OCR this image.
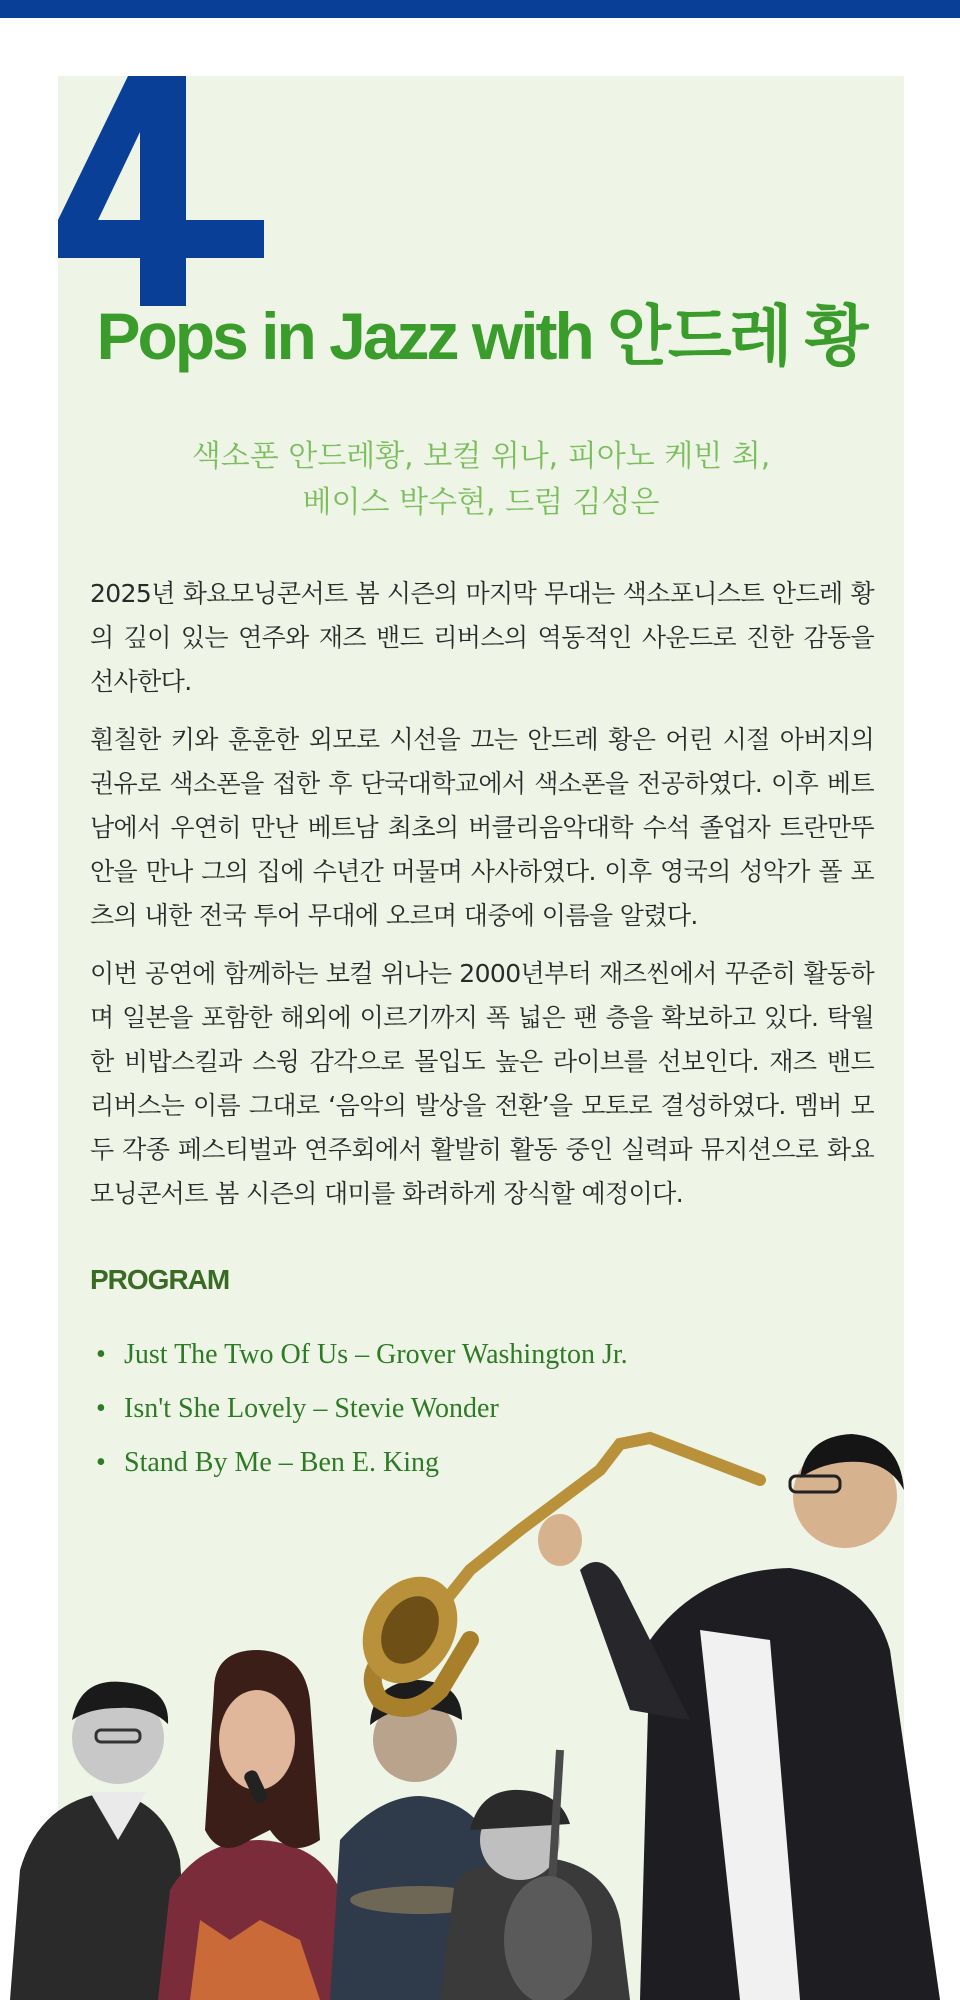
4
Pops in Jazz with 안드레 황
색소폰 안드레황, 보컬 위나, 피아노 케빈 최,
베이스 박수현, 드럼 김성은

2025년 화요모닝콘서트 봄 시즌의 마지막 무대는 색소포니스트 안드레 황의 깊이 있는 연주와 재즈 밴드 리버스의 역동적인 사운드로 진한 감동을 선사한다.

훤칠한 키와 훈훈한 외모로 시선을 끄는 안드레 황은 어린 시절 아버지의 권유로 색소폰을 접한 후 단국대학교에서 색소폰을 전공하였다. 이후 베트남에서 우연히 만난 베트남 최초의 버클리음악대학 수석 졸업자 트란만뚜안을 만나 그의 집에 수년간 머물며 사사하였다. 이후 영국의 성악가 폴 포츠의 내한 전국 투어 무대에 오르며 대중에 이름을 알렸다.

이번 공연에 함께하는 보컬 위나는 2000년부터 재즈씬에서 꾸준히 활동하며 일본을 포함한 해외에 이르기까지 폭 넓은 팬 층을 확보하고 있다. 탁월한 비밥스킬과 스윙 감각으로 몰입도 높은 라이브를 선보인다. 재즈 밴드 리버스는 이름 그대로 ‘음악의 발상을 전환’을 모토로 결성하였다. 멤버 모두 각종 페스티벌과 연주회에서 활발히 활동 중인 실력파 뮤지션으로 화요모닝콘서트 봄 시즌의 대미를 화려하게 장식할 예정이다.

PROGRAM
• Just The Two Of Us – Grover Washington Jr.
• Isn't She Lovely – Stevie Wonder
• Stand By Me – Ben E. King
